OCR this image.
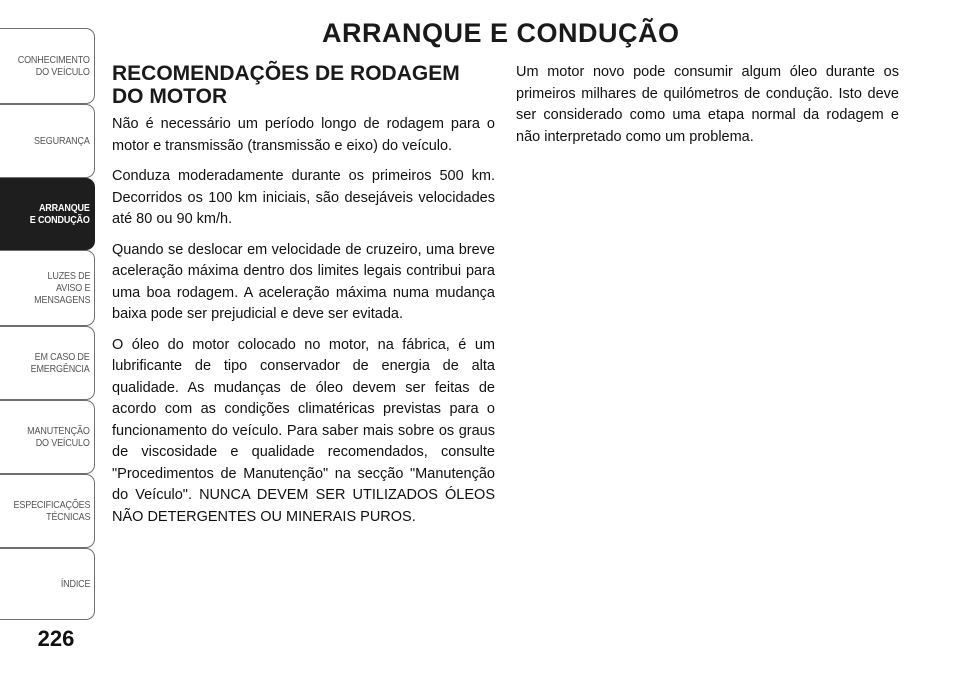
CONHECIMENTO
DO VEÍCULO
SEGURANÇA
ARRANQUE
E CONDUÇÃO
LUZES DE
AVISO E
MENSAGENS
EM CASO DE
EMERGÊNCIA
MANUTENÇÃO
DO VEÍCULO
ESPECIFICAÇÕES
TÉCNICAS
ÍNDICE
226
ARRANQUE E CONDUÇÃO
RECOMENDAÇÕES DE RODAGEM DO MOTOR

Não é necessário um período longo de rodagem para o motor e transmissão (transmissão e eixo) do veículo.

Conduza moderadamente durante os primeiros 500 km. Decorridos os 100 km iniciais, são desejáveis velocidades até 80 ou 90 km/h.

Quando se deslocar em velocidade de cruzeiro, uma breve aceleração máxima dentro dos limites legais contribui para uma boa rodagem. A aceleração máxima numa mudança baixa pode ser prejudicial e deve ser evitada.

O óleo do motor colocado no motor, na fábrica, é um lubrificante de tipo conservador de energia de alta qualidade. As mudanças de óleo devem ser feitas de acordo com as condições climatéricas previstas para o funcionamento do veículo. Para saber mais sobre os graus de viscosidade e qualidade recomendados, consulte "Procedimentos de Manutenção" na secção "Manutenção do Veículo". NUNCA DEVEM SER UTILIZADOS ÓLEOS NÃO DETERGENTES OU MINERAIS PUROS.

Um motor novo pode consumir algum óleo durante os primeiros milhares de quilómetros de condução. Isto deve ser considerado como uma etapa normal da rodagem e não interpretado como um problema.
